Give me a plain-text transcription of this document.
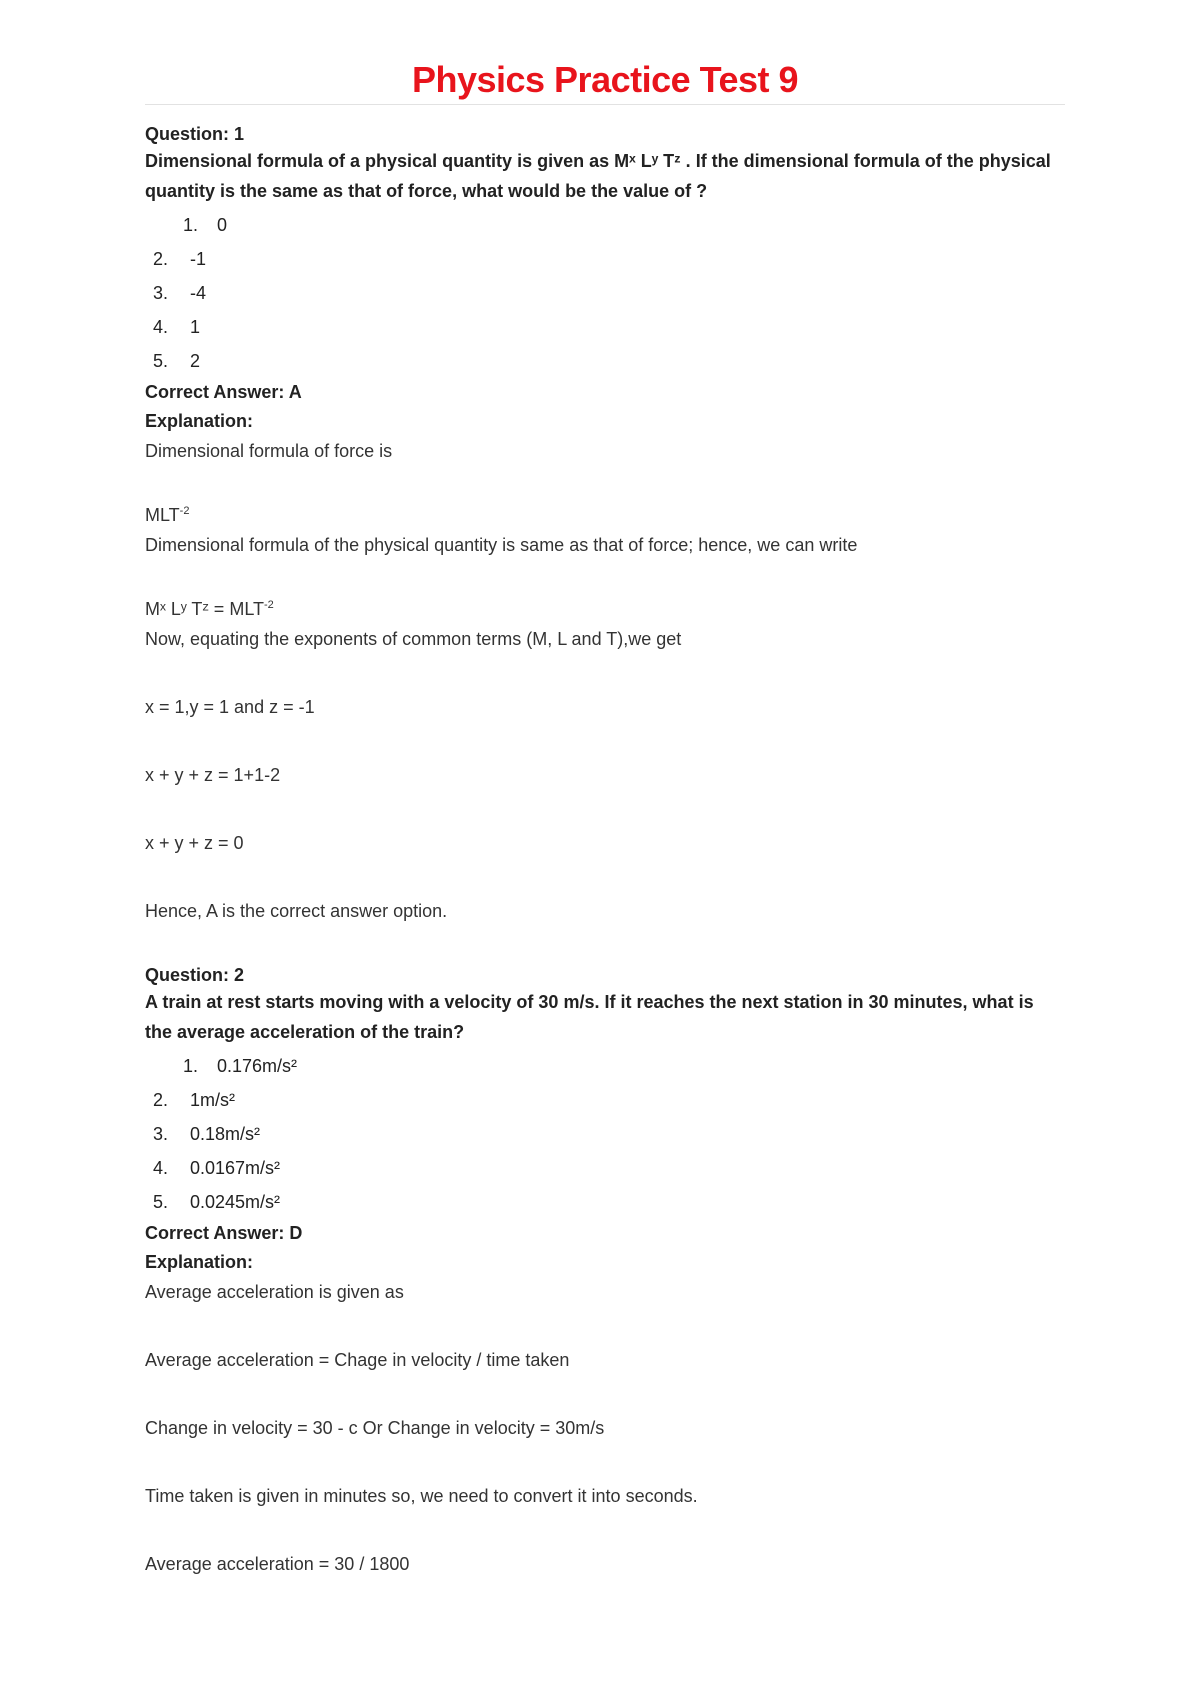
Physics Practice Test 9
Question: 1
Dimensional formula of a physical quantity is given as Mˣ Lʸ Tᶻ . If the dimensional formula of the physical quantity is the same as that of force, what would be the value of ?
1. 0
2. -1
3. -4
4. 1
5. 2
Correct Answer: A
Explanation:
Dimensional formula of force is
$MLT^{-2}$
Dimensional formula of the physical quantity is same as that of force; hence, we can write
Mˣ Lʸ Tᶻ = $MLT^{-2}$
Now, equating the exponents of common terms (M, L and T),we get
x = 1,y = 1 and z = -1
x + y + z = 1+1-2
x + y + z = 0
Hence, A is the correct answer option.
Question: 2
A train at rest starts moving with a velocity of 30 m/s. If it reaches the next station in 30 minutes, what is the average acceleration of the train?
1. 0.176m/s²
2. 1m/s²
3. 0.18m/s²
4. 0.0167m/s²
5. 0.0245m/s²
Correct Answer: D
Explanation:
Average acceleration is given as
Average acceleration = Chage in velocity / time taken
Change in velocity = 30 - c Or Change in velocity = 30m/s
Time taken is given in minutes so, we need to convert it into seconds.
Average acceleration = 30 / 1800
